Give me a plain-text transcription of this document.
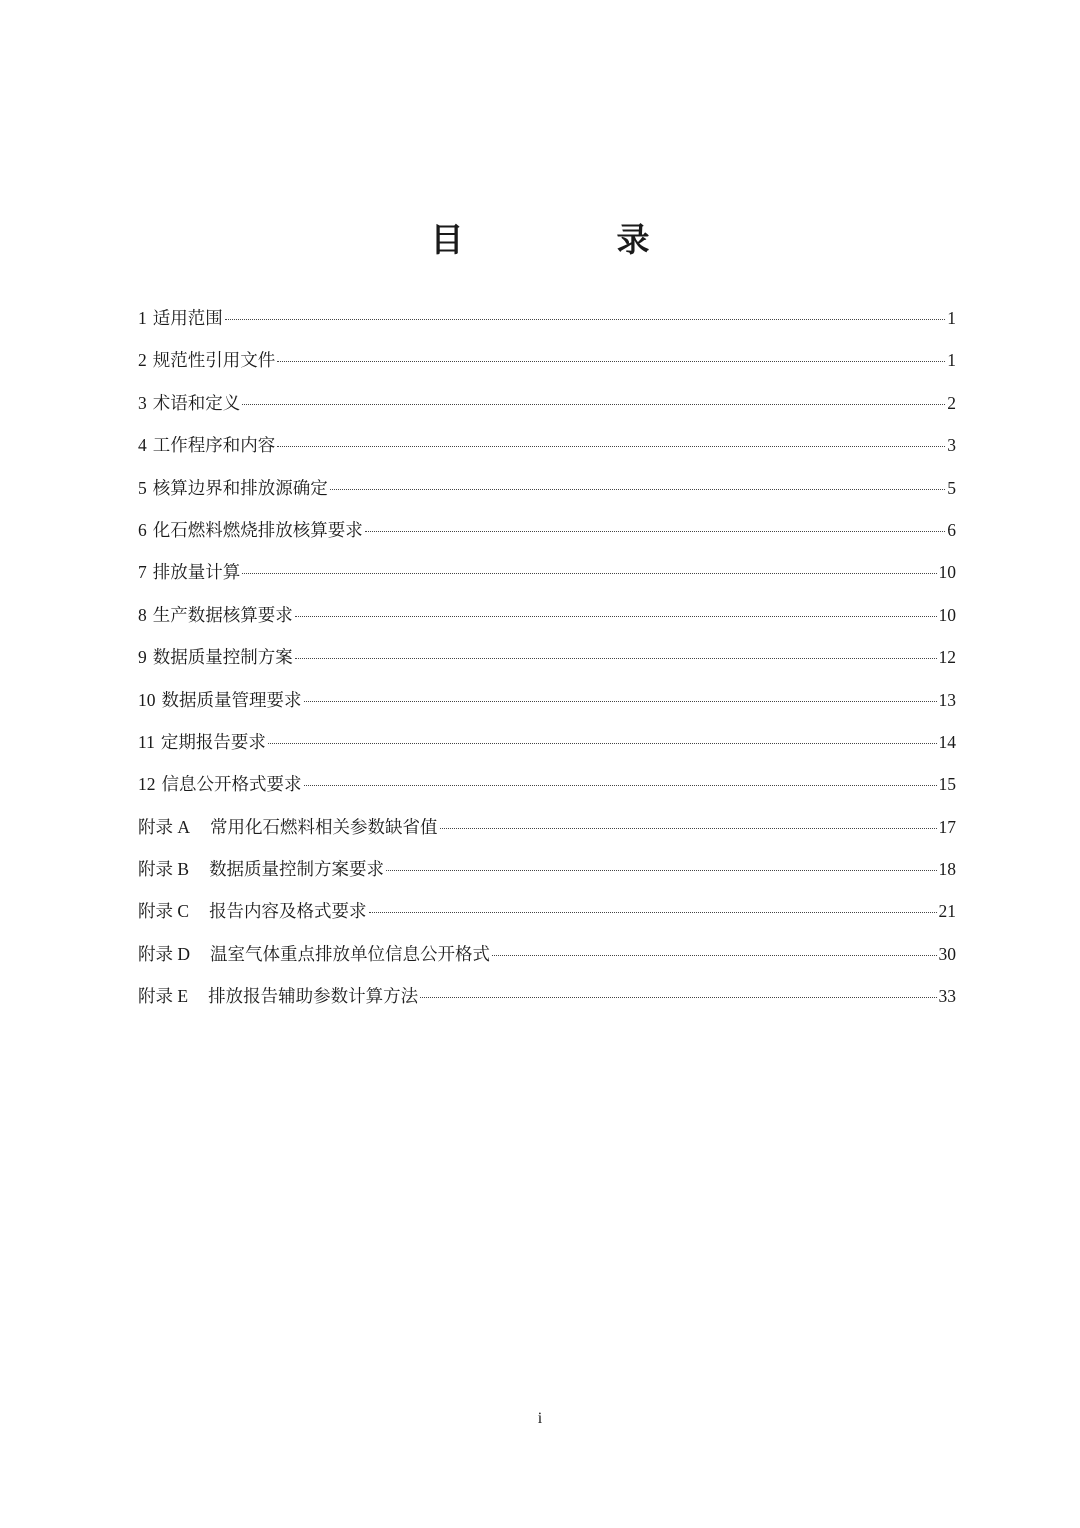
目　录
1 适用范围	1
2 规范性引用文件	1
3 术语和定义	2
4 工作程序和内容	3
5 核算边界和排放源确定	5
6 化石燃料燃烧排放核算要求	6
7 排放量计算	10
8 生产数据核算要求	10
9 数据质量控制方案	12
10 数据质量管理要求	13
11 定期报告要求	14
12 信息公开格式要求	15
附录 A 常用化石燃料相关参数缺省值	17
附录 B 数据质量控制方案要求	18
附录 C 报告内容及格式要求	21
附录 D 温室气体重点排放单位信息公开格式	30
附录 E 排放报告辅助参数计算方法	33
i
